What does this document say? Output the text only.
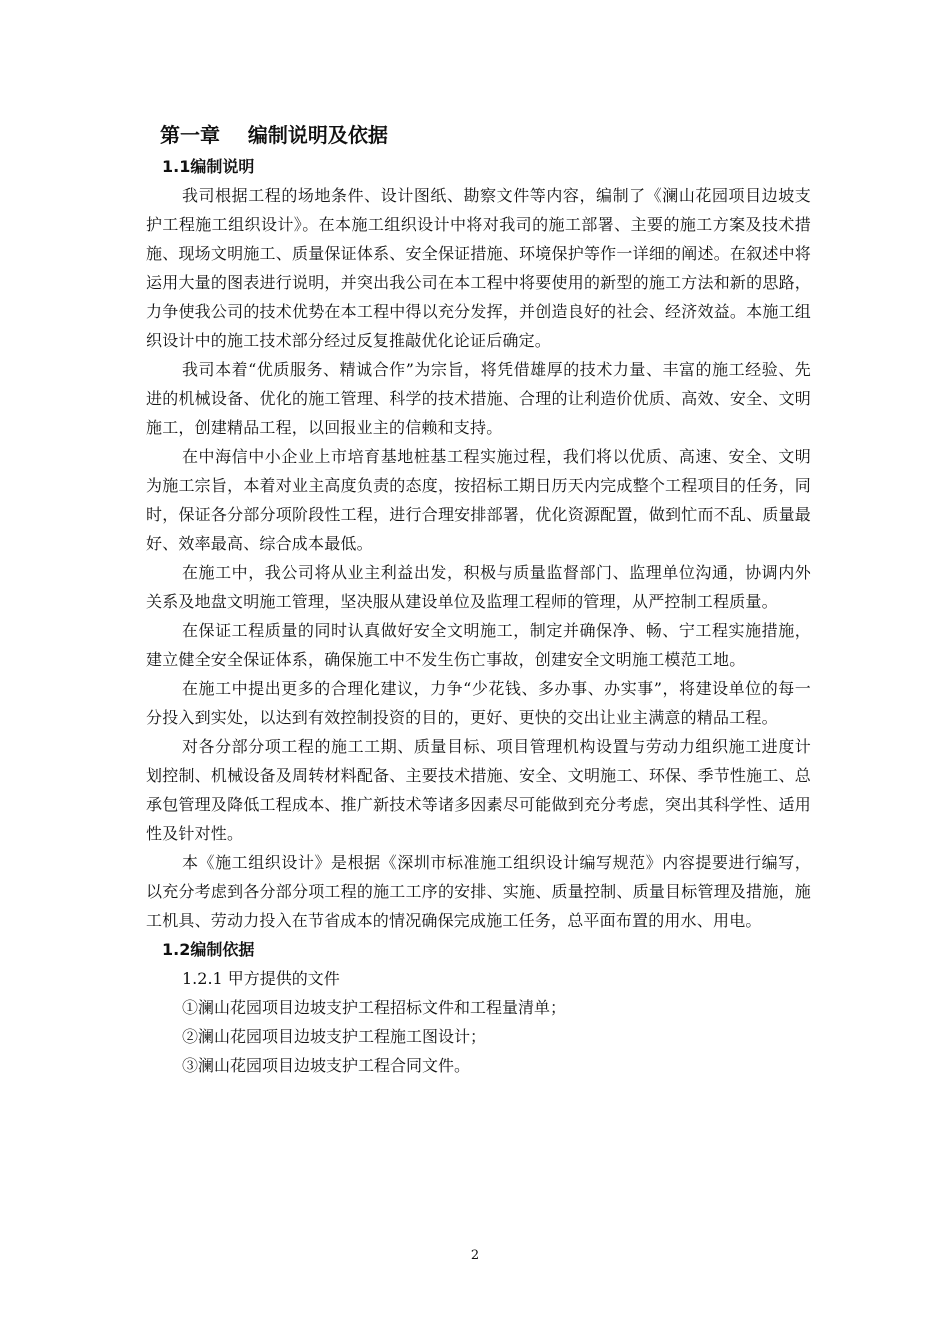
第一章    编制说明及依据
1.1编制说明

我司根据工程的场地条件、设计图纸、勘察文件等内容，编制了《澜山花园项目边坡支护工程施工组织设计》。在本施工组织设计中将对我司的施工部署、主要的施工方案及技术措施、现场文明施工、质量保证体系、安全保证措施、环境保护等作一详细的阐述。在叙述中将运用大量的图表进行说明，并突出我公司在本工程中将要使用的新型的施工方法和新的思路，力争使我公司的技术优势在本工程中得以充分发挥，并创造良好的社会、经济效益。本施工组织设计中的施工技术部分经过反复推敲优化论证后确定。

我司本着“优质服务、精诚合作”为宗旨，将凭借雄厚的技术力量、丰富的施工经验、先进的机械设备、优化的施工管理、科学的技术措施、合理的让利造价优质、高效、安全、文明施工，创建精品工程，以回报业主的信赖和支持。

在中海信中小企业上市培育基地桩基工程实施过程，我们将以优质、高速、安全、文明为施工宗旨，本着对业主高度负责的态度，按招标工期日历天内完成整个工程项目的任务，同时，保证各分部分项阶段性工程，进行合理安排部署，优化资源配置，做到忙而不乱、质量最好、效率最高、综合成本最低。

在施工中，我公司将从业主利益出发，积极与质量监督部门、监理单位沟通，协调内外关系及地盘文明施工管理，坚决服从建设单位及监理工程师的管理，从严控制工程质量。

在保证工程质量的同时认真做好安全文明施工，制定并确保净、畅、宁工程实施措施，建立健全安全保证体系，确保施工中不发生伤亡事故，创建安全文明施工模范工地。

在施工中提出更多的合理化建议，力争“少花钱、多办事、办实事”，将建设单位的每一分投入到实处，以达到有效控制投资的目的，更好、更快的交出让业主满意的精品工程。

对各分部分项工程的施工工期、质量目标、项目管理机构设置与劳动力组织施工进度计划控制、机械设备及周转材料配备、主要技术措施、安全、文明施工、环保、季节性施工、总承包管理及降低工程成本、推广新技术等诸多因素尽可能做到充分考虑，突出其科学性、适用性及针对性。

本《施工组织设计》是根据《深圳市标准施工组织设计编写规范》内容提要进行编写，以充分考虑到各分部分项工程的施工工序的安排、实施、质量控制、质量目标管理及措施，施工机具、劳动力投入在节省成本的情况确保完成施工任务，总平面布置的用水、用电。

1.2编制依据

1.2.1 甲方提供的文件

①澜山花园项目边坡支护工程招标文件和工程量清单；

②澜山花园项目边坡支护工程施工图设计；

③澜山花园项目边坡支护工程合同文件。

2
